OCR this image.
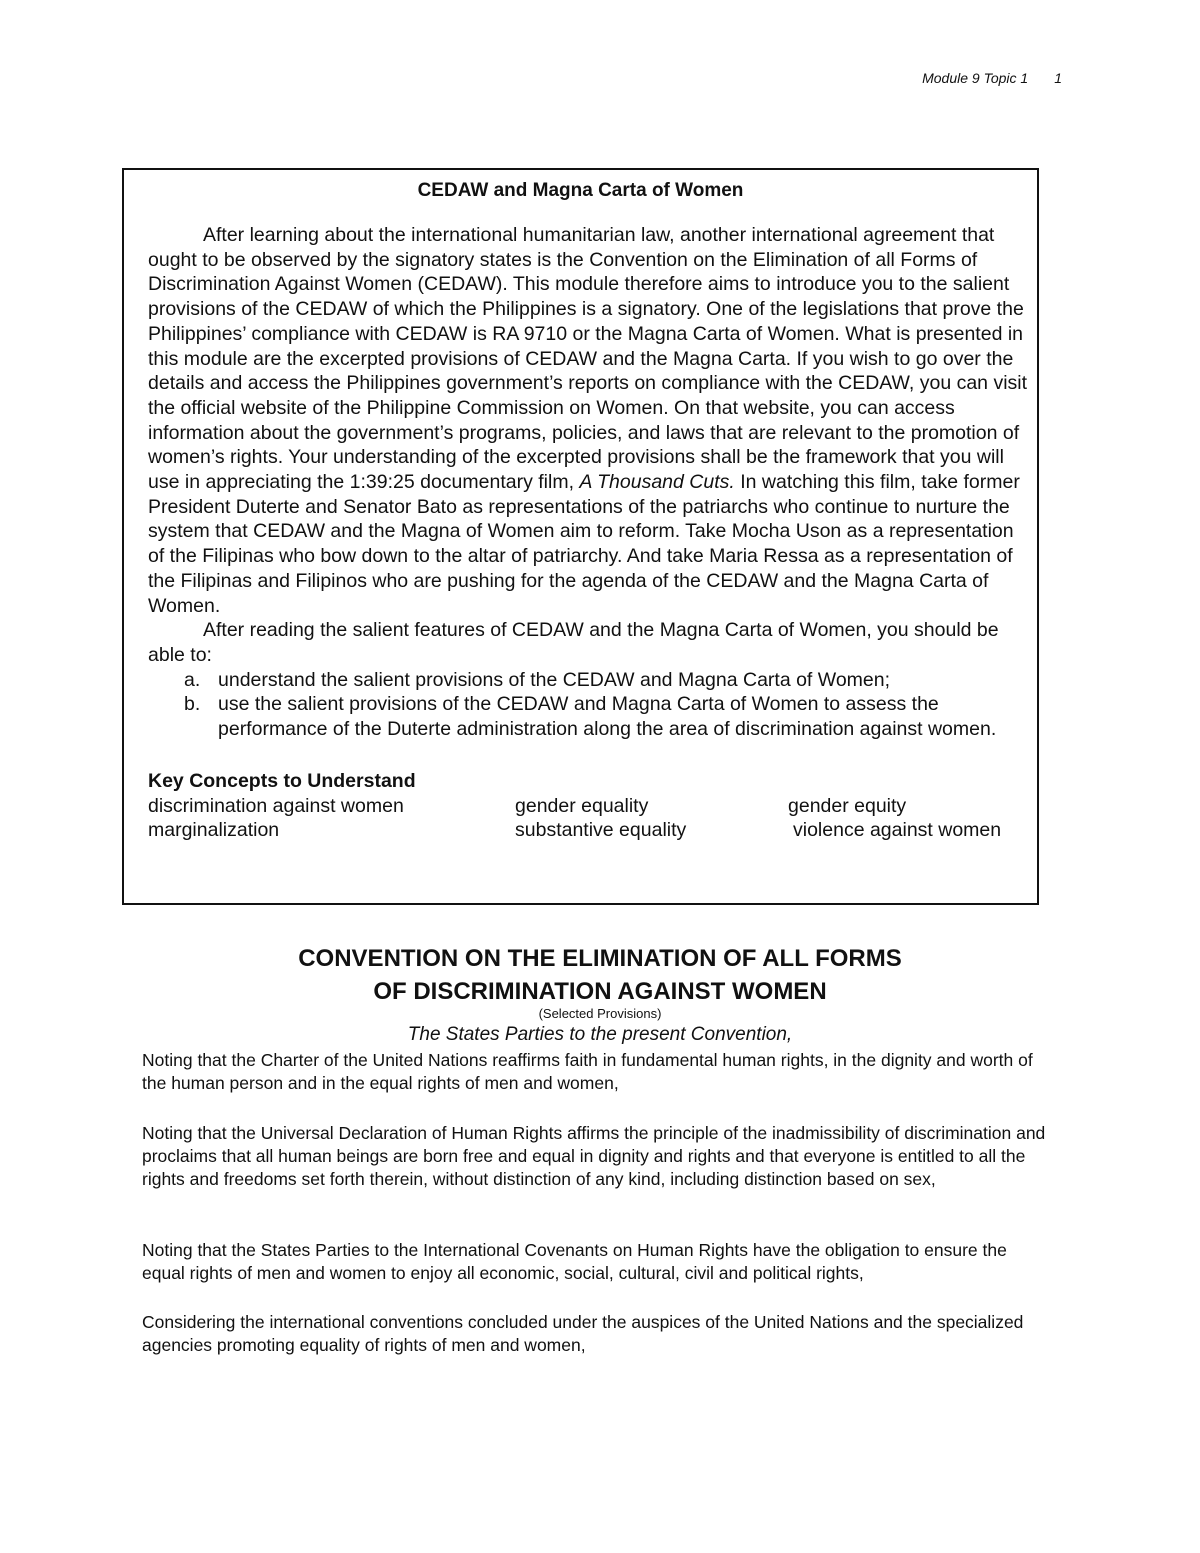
Module 9 Topic 1 1
CEDAW and Magna Carta of Women

After learning about the international humanitarian law, another international agreement that ought to be observed by the signatory states is the Convention on the Elimination of all Forms of Discrimination Against Women (CEDAW). This module therefore aims to introduce you to the salient provisions of the CEDAW of which the Philippines is a signatory. One of the legislations that prove the Philippines’ compliance with CEDAW is RA 9710 or the Magna Carta of Women. What is presented in this module are the excerpted provisions of CEDAW and the Magna Carta. If you wish to go over the details and access the Philippines government’s reports on compliance with the CEDAW, you can visit the official website of the Philippine Commission on Women. On that website, you can access information about the government’s programs, policies, and laws that are relevant to the promotion of women’s rights. Your understanding of the excerpted provisions shall be the framework that you will use in appreciating the 1:39:25 documentary film, A Thousand Cuts. In watching this film, take former President Duterte and Senator Bato as representations of the patriarchs who continue to nurture the system that CEDAW and the Magna of Women aim to reform. Take Mocha Uson as a representation of the Filipinas who bow down to the altar of patriarchy. And take Maria Ressa as a representation of the Filipinas and Filipinos who are pushing for the agenda of the CEDAW and the Magna Carta of Women.

After reading the salient features of CEDAW and the Magna Carta of Women, you should be able to:

a. understand the salient provisions of the CEDAW and Magna Carta of Women;
b. use the salient provisions of the CEDAW and Magna Carta of Women to assess the performance of the Duterte administration along the area of discrimination against women.
Key Concepts to Understand
discrimination against women	gender equality	gender equity
marginalization	substantive equality	violence against women
CONVENTION ON THE ELIMINATION OF ALL FORMS
OF DISCRIMINATION AGAINST WOMEN
(Selected Provisions)
The States Parties to the present Convention,
Noting that the Charter of the United Nations reaffirms faith in fundamental human rights, in the dignity and worth of the human person and in the equal rights of men and women,
Noting that the Universal Declaration of Human Rights affirms the principle of the inadmissibility of discrimination and proclaims that all human beings are born free and equal in dignity and rights and that everyone is entitled to all the rights and freedoms set forth therein, without distinction of any kind, including distinction based on sex,
Noting that the States Parties to the International Covenants on Human Rights have the obligation to ensure the equal rights of men and women to enjoy all economic, social, cultural, civil and political rights,
Considering the international conventions concluded under the auspices of the United Nations and the specialized agencies promoting equality of rights of men and women,
